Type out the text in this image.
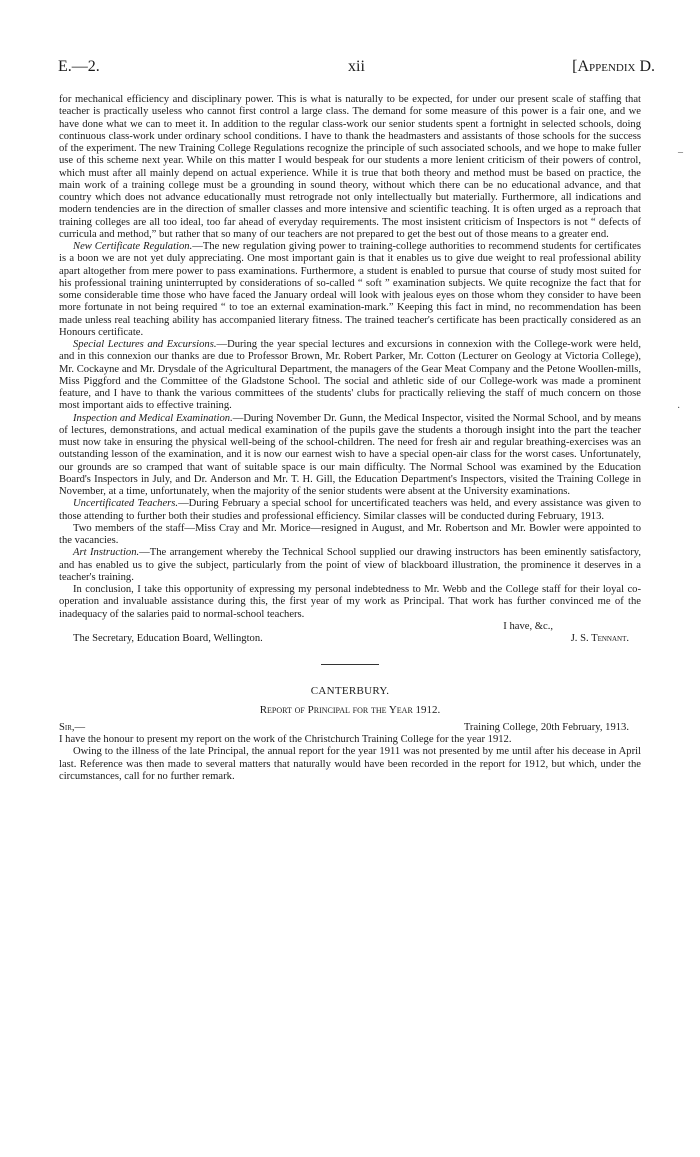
E.—2.	xii	[Appendix D.
–
·

for mechanical efficiency and disciplinary power. This is what is naturally to be expected, for under our present scale of staffing that teacher is practically useless who cannot first control a large class. The demand for some measure of this power is a fair one, and we have done what we can to meet it. In addition to the regular class-work our senior students spent a fortnight in selected schools, doing continuous class-work under ordinary school conditions. I have to thank the headmasters and assistants of those schools for the success of the experiment. The new Training College Regulations recognize the principle of such associated schools, and we hope to make fuller use of this scheme next year. While on this matter I would bespeak for our students a more lenient criticism of their powers of control, which must after all mainly depend on actual experience. While it is true that both theory and method must be based on practice, the main work of a training college must be a grounding in sound theory, without which there can be no educational advance, and that country which does not advance educationally must retrograde not only intellectually but materially. Furthermore, all indications and modern tendencies are in the direction of smaller classes and more intensive and scientific teaching. It is often urged as a reproach that training colleges are all too ideal, too far ahead of everyday requirements. The most insistent criticism of Inspectors is not “ defects of curricula and method,” but rather that so many of our teachers are not prepared to get the best out of those means to a greater end.

New Certificate Regulation.—The new regulation giving power to training-college authorities to recommend students for certificates is a boon we are not yet duly appreciating. One most important gain is that it enables us to give due weight to real professional ability apart altogether from mere power to pass examinations. Furthermore, a student is enabled to pursue that course of study most suited for his professional training uninterrupted by considerations of so-called “ soft ” examination subjects. We quite recognize the fact that for some considerable time those who have faced the January ordeal will look with jealous eyes on those whom they consider to have been more fortunate in not being required “ to toe an external examination-mark.” Keeping this fact in mind, no recommendation has been made unless real teaching ability has accompanied literary fitness. The trained teacher's certificate has been practically considered as an Honours certificate.

Special Lectures and Excursions.—During the year special lectures and excursions in connexion with the College-work were held, and in this connexion our thanks are due to Professor Brown, Mr. Robert Parker, Mr. Cotton (Lecturer on Geology at Victoria College), Mr. Cockayne and Mr. Drysdale of the Agricultural Department, the managers of the Gear Meat Company and the Petone Woollen-mills, Miss Piggford and the Committee of the Gladstone School. The social and athletic side of our College-work was made a prominent feature, and I have to thank the various committees of the students' clubs for practically relieving the staff of much concern on those most important aids to effective training.

Inspection and Medical Examination.—During November Dr. Gunn, the Medical Inspector, visited the Normal School, and by means of lectures, demonstrations, and actual medical examination of the pupils gave the students a thorough insight into the part the teacher must now take in ensuring the physical well-being of the school-children. The need for fresh air and regular breathing-exercises was an outstanding lesson of the examination, and it is now our earnest wish to have a special open-air class for the worst cases. Unfortunately, our grounds are so cramped that want of suitable space is our main difficulty. The Normal School was examined by the Education Board's Inspectors in July, and Dr. Anderson and Mr. T. H. Gill, the Education Department's Inspectors, visited the Training College in November, at a time, unfortunately, when the majority of the senior students were absent at the University examinations.

Uncertificated Teachers.—During February a special school for uncertificated teachers was held, and every assistance was given to those attending to further both their studies and professional efficiency. Similar classes will be conducted during February, 1913.

Two members of the staff—Miss Cray and Mr. Morice—resigned in August, and Mr. Robertson and Mr. Bowler were appointed to the vacancies.

Art Instruction.—The arrangement whereby the Technical School supplied our drawing instructors has been eminently satisfactory, and has enabled us to give the subject, particularly from the point of view of blackboard illustration, the prominence it deserves in a teacher's training.

In conclusion, I take this opportunity of expressing my personal indebtedness to Mr. Webb and the College staff for their loyal co-operation and invaluable assistance during this, the first year of my work as Principal. That work has further convinced me of the inadequacy of the salaries paid to normal-school teachers.

I have, &c.,
The Secretary, Education Board, Wellington.	J. S. Tennant.
CANTERBURY.
Report of Principal for the Year 1912.
Sir,—	Training College, 20th February, 1913.

I have the honour to present my report on the work of the Christchurch Training College for the year 1912.

Owing to the illness of the late Principal, the annual report for the year 1911 was not presented by me until after his decease in April last. Reference was then made to several matters that naturally would have been recorded in the report for 1912, but which, under the circumstances, call for no further remark.
